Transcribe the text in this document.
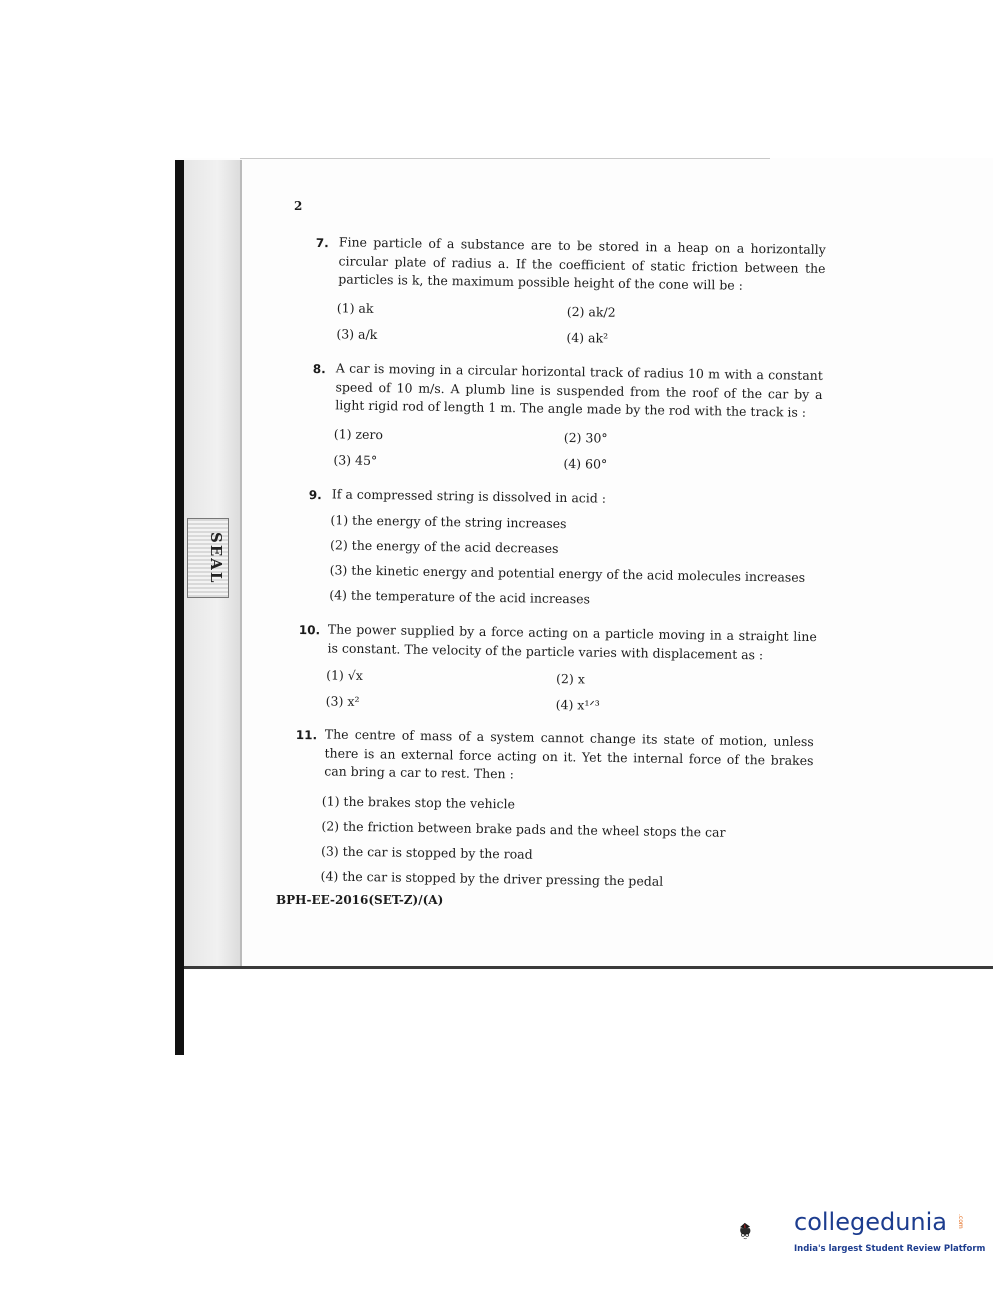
SEAL
2
7. Fine particle of a substance are to be stored in a heap on a horizontally circular plate of radius a. If the coefficient of static friction between the particles is k, the maximum possible height of the cone will be :
(1) ak	(2) ak/2
(3) a/k	(4) ak²
8. A car is moving in a circular horizontal track of radius 10 m with a constant speed of 10 m/s. A plumb line is suspended from the roof of the car by a light rigid rod of length 1 m. The angle made by the rod with the track is :
(1) zero	(2) 30°
(3) 45°	(4) 60°
9. If a compressed string is dissolved in acid :
(1) the energy of the string increases
(2) the energy of the acid decreases
(3) the kinetic energy and potential energy of the acid molecules increases
(4) the temperature of the acid increases
10. The power supplied by a force acting on a particle moving in a straight line is constant. The velocity of the particle varies with displacement as :
(1) √x	(2) x
(3) x²	(4) x¹ᐟ³
11. The centre of mass of a system cannot change its state of motion, unless there is an external force acting on it. Yet the internal force of the brakes can bring a car to rest. Then :
(1) the brakes stop the vehicle
(2) the friction between brake pads and the wheel stops the car
(3) the car is stopped by the road
(4) the car is stopped by the driver pressing the pedal
BPH-EE-2016(SET-Z)/(A)
collegedunia .com
India's largest Student Review Platform
